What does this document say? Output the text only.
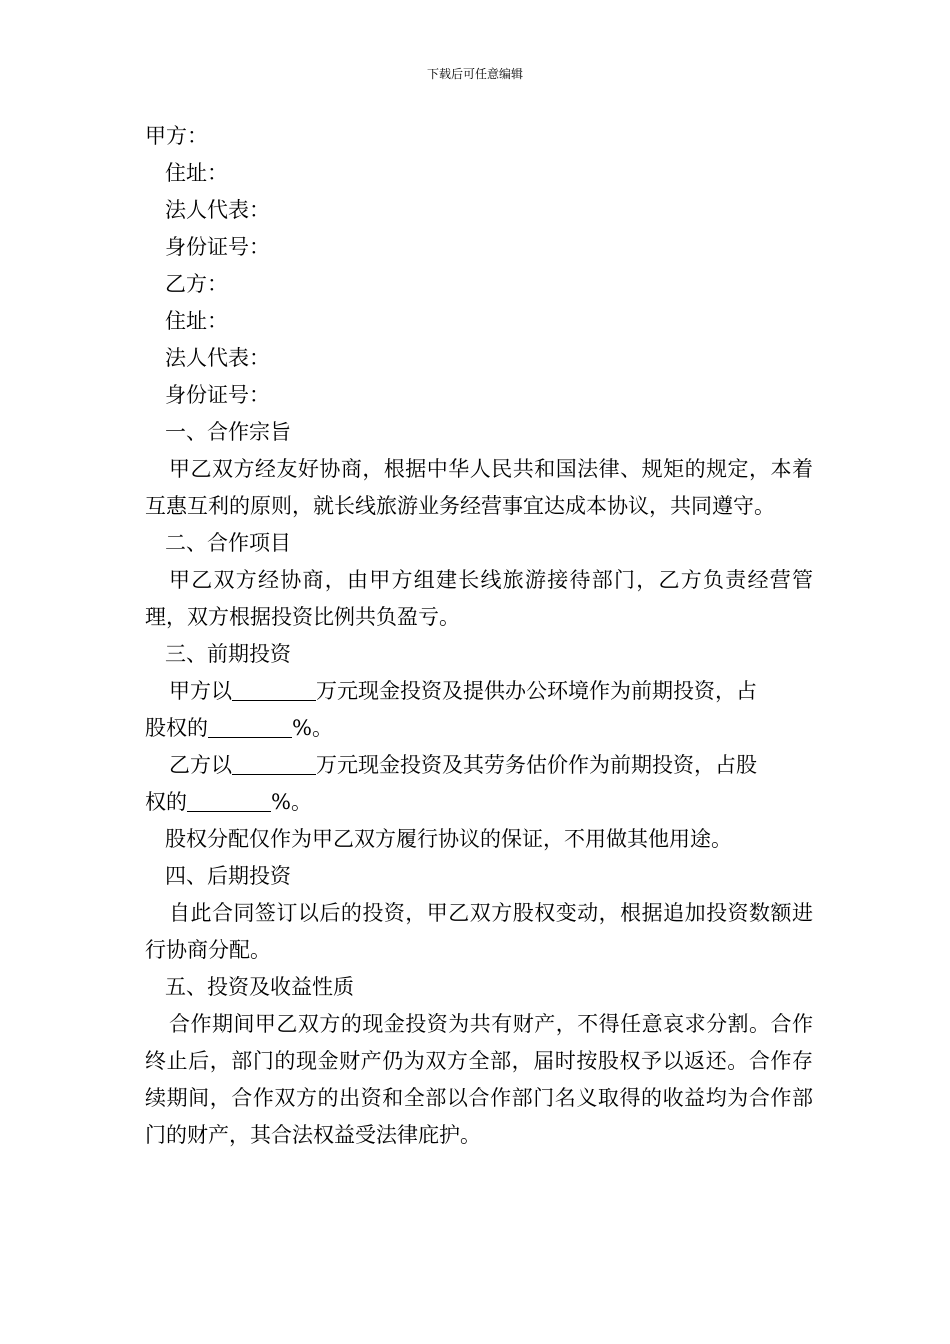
下载后可任意编辑
甲方：
住址：
法人代表：
身份证号：
乙方：
住址：
法人代表：
身份证号：
一、合作宗旨
甲乙双方经友好协商，根据中华人民共和国法律、规矩的规定，本着互惠互利的原则，就长线旅游业务经营事宜达成本协议，共同遵守。
二、合作项目
甲乙双方经协商，由甲方组建长线旅游接待部门，乙方负责经营管理，双方根据投资比例共负盈亏。
三、前期投资
甲方以	万元现金投资及提供办公环境作为前期投资，占
股权的	%。
乙方以	万元现金投资及其劳务估价作为前期投资，占股
权的	%。
股权分配仅作为甲乙双方履行协议的保证，不用做其他用途。
四、后期投资
自此合同签订以后的投资，甲乙双方股权变动，根据追加投资数额进行协商分配。
五、投资及收益性质
合作期间甲乙双方的现金投资为共有财产，不得任意哀求分割。合作终止后，部门的现金财产仍为双方全部，届时按股权予以返还。合作存续期间，合作双方的出资和全部以合作部门名义取得的收益均为合作部门的财产，其合法权益受法律庇护。
